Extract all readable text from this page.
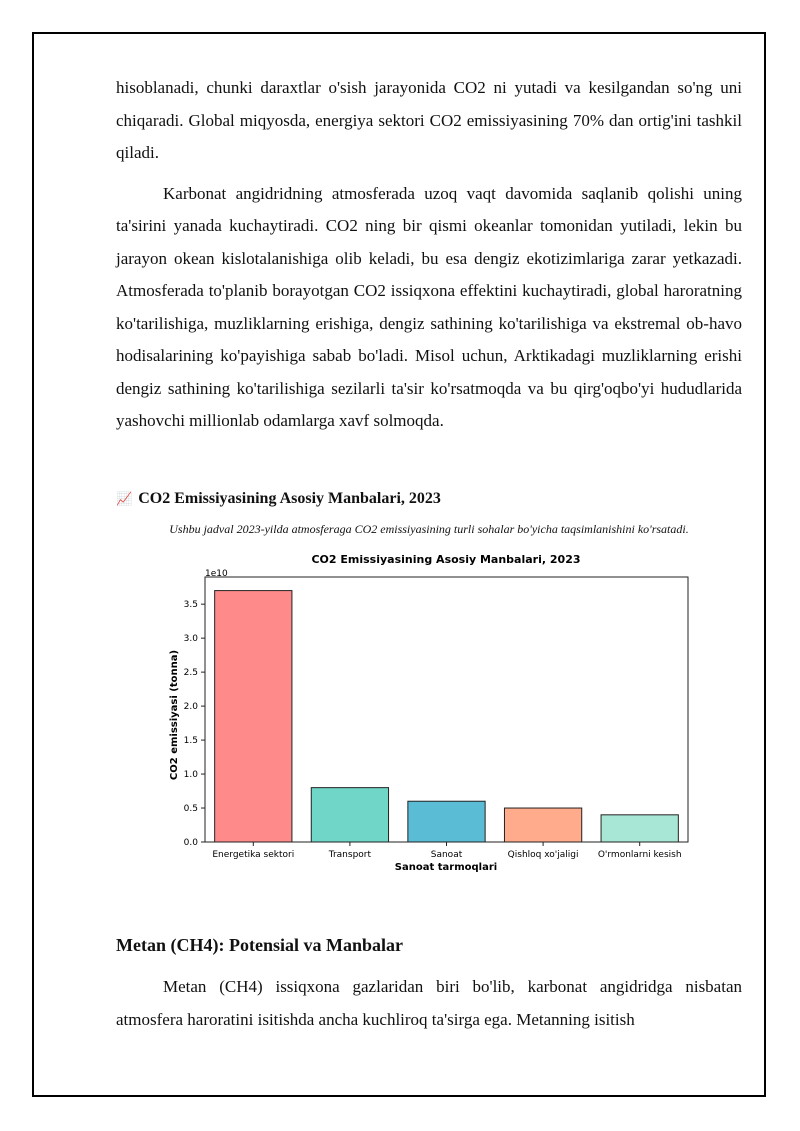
hisoblanadi, chunki daraxtlar o'sish jarayonida CO2 ni yutadi va kesilgandan so'ng uni chiqaradi. Global miqyosda, energiya sektori CO2 emissiyasining 70% dan ortig'ini tashkil qiladi.

Karbonat angidridning atmosferada uzoq vaqt davomida saqlanib qolishi uning ta'sirini yanada kuchaytiradi. CO2 ning bir qismi okeanlar tomonidan yutiladi, lekin bu jarayon okean kislotalanishiga olib keladi, bu esa dengiz ekotizimlariga zarar yetkazadi. Atmosferada to'planib borayotgan CO2 issiqxona effektini kuchaytiradi, global haroratning ko'tarilishiga, muzliklarning erishiga, dengiz sathining ko'tarilishiga va ekstremal ob-havo hodisalarining ko'payishiga sabab bo'ladi. Misol uchun, Arktikadagi muzliklarning erishi dengiz sathining ko'tarilishiga sezilarli ta'sir ko'rsatmoqda va bu qirg'oqbo'yi hududlarida yashovchi millionlab odamlarga xavf solmoqda.

📈 CO2 Emissiyasining Asosiy Manbalari, 2023
Ushbu jadval 2023-yilda atmosferaga CO2 emissiyasining turli sohalar bo'yicha taqsimlanishini ko'rsatadi.
CO2 Emissiyasining Asosiy Manbalari, 2023
1e10
0.0
0.5
1.0
1.5
2.0
2.5
3.0
3.5
Energetika sektori	Transport	Sanoat	Qishloq xo'jaligi O'rmonlarni kesish
Sanoat tarmoqlari
CO2 emissiyasi (tonna)
Metan (CH4): Potensial va Manbalar

Metan (CH4) issiqxona gazlaridan biri bo'lib, karbonat angidridga nisbatan atmosfera haroratini isitishda ancha kuchliroq ta'sirga ega. Metanning isitish
